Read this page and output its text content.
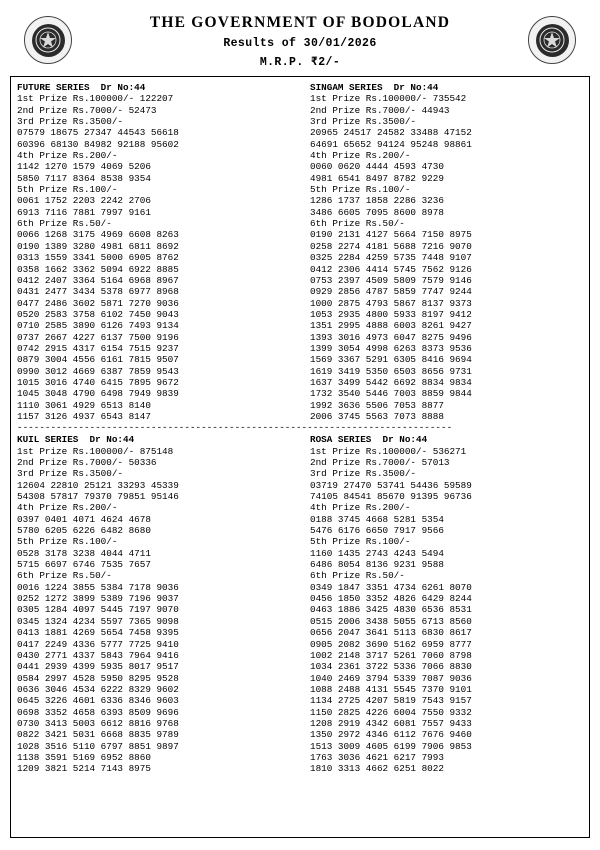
THE GOVERNMENT OF BODOLAND
Results of 30/01/2026
M.R.P. ₹2/-
FUTURE SERIES  Dr No:44
1st Prize Rs.100000/- 122207
2nd Prize Rs.7000/- 52473
3rd Prize Rs.3500/-
07579 18675 27347 44543 56618
60396 68130 84982 92188 95602
4th Prize Rs.200/-
1142 1270 1579 4069 5206
5850 7117 8364 8538 9354
5th Prize Rs.100/-
0061 1752 2203 2242 2706
6913 7116 7881 7997 9161
6th Prize Rs.50/-
0066 1268 3175 4969 6608 8263
0190 1389 3280 4981 6811 8692
0313 1559 3341 5000 6905 8762
0358 1662 3362 5094 6922 8885
0412 2407 3364 5164 6968 8967
0431 2477 3434 5378 6977 8968
0477 2486 3602 5871 7270 9036
0520 2583 3758 6102 7450 9043
0710 2585 3890 6126 7493 9134
0737 2667 4227 6137 7500 9196
0742 2915 4317 6154 7515 9237
0879 3004 4556 6161 7815 9507
0990 3012 4669 6387 7859 9543
1015 3016 4740 6415 7895 9672
1045 3048 4790 6498 7949 9839
1110 3061 4929 6513 8140
1157 3126 4937 6543 8147
SINGAM SERIES  Dr No:44
1st Prize Rs.100000/- 735542
2nd Prize Rs.7000/- 44943
3rd Prize Rs.3500/-
20965 24517 24582 33488 47152
64691 65652 94124 95248 98861
4th Prize Rs.200/-
0060 0620 4444 4593 4730
4981 6541 8497 8782 9229
5th Prize Rs.100/-
1286 1737 1858 2286 3236
3486 6605 7095 8600 8978
6th Prize Rs.50/-
0190 2131 4127 5664 7150 8975
0258 2274 4181 5688 7216 9070
0325 2284 4259 5735 7448 9107
0412 2306 4414 5745 7562 9126
0753 2397 4509 5809 7579 9146
0929 2856 4787 5859 7747 9244
1000 2875 4793 5867 8137 9373
1053 2935 4800 5933 8197 9412
1351 2995 4888 6003 8261 9427
1393 3016 4973 6047 8275 9496
1399 3054 4998 6263 8373 9536
1569 3367 5291 6305 8416 9694
1619 3419 5350 6503 8656 9731
1637 3499 5442 6692 8834 9834
1732 3540 5446 7003 8859 9844
1992 3636 5506 7053 8877
2006 3745 5563 7073 8888
------------------------------------------------------------------------------
KUIL SERIES  Dr No:44
1st Prize Rs.100000/- 875148
2nd Prize Rs.7000/- 50336
3rd Prize Rs.3500/-
12604 22810 25121 33293 45339
54308 57817 79370 79851 95146
4th Prize Rs.200/-
0397 0401 4071 4624 4678
5780 6205 6226 6482 8680
5th Prize Rs.100/-
0528 3178 3238 4044 4711
5715 6697 6746 7535 7657
6th Prize Rs.50/-
0016 1224 3855 5384 7178 9036
0252 1272 3899 5389 7196 9037
0305 1284 4097 5445 7197 9070
0345 1324 4234 5597 7365 9098
0413 1881 4269 5654 7458 9395
0417 2249 4336 5777 7725 9410
0430 2771 4337 5843 7964 9416
0441 2939 4399 5935 8017 9517
0584 2997 4528 5950 8295 9528
0636 3046 4534 6222 8329 9602
0645 3226 4601 6336 8346 9603
0698 3352 4658 6393 8509 9696
0730 3413 5003 6612 8816 9768
0822 3421 5031 6668 8835 9789
1028 3516 5110 6797 8851 9897
1138 3591 5169 6952 8860
1209 3821 5214 7143 8975
ROSA SERIES  Dr No:44
1st Prize Rs.100000/- 536271
2nd Prize Rs.7000/- 57013
3rd Prize Rs.3500/-
03719 27470 53741 54436 59589
74105 84541 85670 91395 96736
4th Prize Rs.200/-
0188 3745 4668 5281 5354
5476 6176 6650 7917 9566
5th Prize Rs.100/-
1160 1435 2743 4243 5494
6486 8054 8136 9231 9588
6th Prize Rs.50/-
0349 1847 3351 4734 6261 8070
0456 1850 3352 4826 6429 8244
0463 1886 3425 4830 6536 8531
0515 2006 3438 5055 6713 8560
0656 2047 3641 5113 6830 8617
0905 2082 3690 5162 6959 8777
1002 2148 3717 5261 7060 8798
1034 2361 3722 5336 7066 8830
1040 2469 3794 5339 7087 9036
1088 2488 4131 5545 7370 9101
1134 2725 4207 5819 7543 9157
1150 2825 4226 6004 7550 9332
1208 2919 4342 6081 7557 9433
1350 2972 4346 6112 7676 9460
1513 3009 4605 6199 7906 9853
1763 3036 4621 6217 7993
1810 3313 4662 6251 8022
